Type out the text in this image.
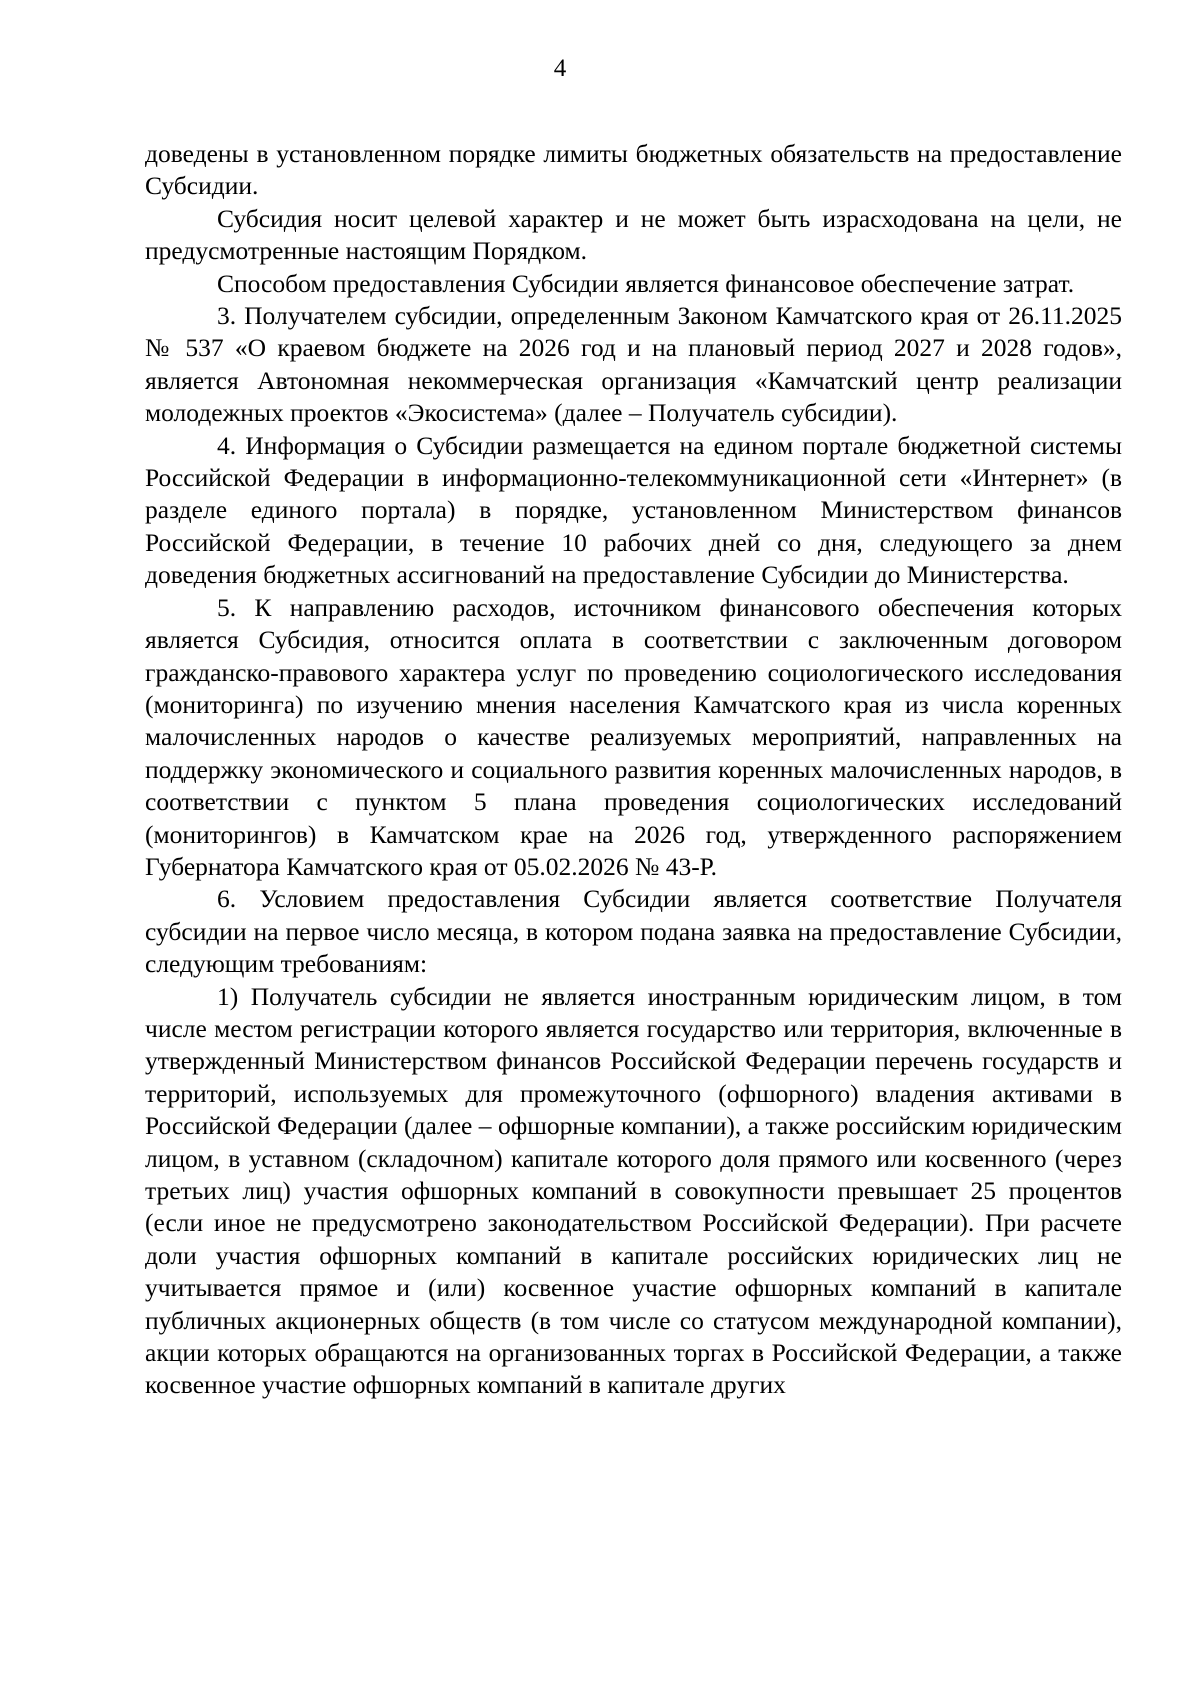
4

доведены в установленном порядке лимиты бюджетных обязательств на предоставление Субсидии.

Субсидия носит целевой характер и не может быть израсходована на цели, не предусмотренные настоящим Порядком.

Способом предоставления Субсидии является финансовое обеспечение затрат.

3. Получателем субсидии, определенным Законом Камчатского края от 26.11.2025 № 537 «О краевом бюджете на 2026 год и на плановый период 2027 и 2028 годов», является Автономная некоммерческая организация «Камчатский центр реализации молодежных проектов «Экосистема» (далее – Получатель субсидии).

4. Информация о Субсидии размещается на едином портале бюджетной системы Российской Федерации в информационно-телекоммуникационной сети «Интернет» (в разделе единого портала) в порядке, установленном Министерством финансов Российской Федерации, в течение 10 рабочих дней со дня, следующего за днем доведения бюджетных ассигнований на предоставление Субсидии до Министерства.

5. К направлению расходов, источником финансового обеспечения которых является Субсидия, относится оплата в соответствии с заключенным договором гражданско-правового характера услуг по проведению социологического исследования (мониторинга) по изучению мнения населения Камчатского края из числа коренных малочисленных народов о качестве реализуемых мероприятий, направленных на поддержку экономического и социального развития коренных малочисленных народов, в соответствии с пунктом 5 плана проведения социологических исследований (мониторингов) в Камчатском крае на 2026 год, утвержденного распоряжением Губернатора Камчатского края от 05.02.2026 № 43-Р.

6. Условием предоставления Субсидии является соответствие Получателя субсидии на первое число месяца, в котором подана заявка на предоставление Субсидии, следующим требованиям:

1) Получатель субсидии не является иностранным юридическим лицом, в том числе местом регистрации которого является государство или территория, включенные в утвержденный Министерством финансов Российской Федерации перечень государств и территорий, используемых для промежуточного (офшорного) владения активами в Российской Федерации (далее – офшорные компании), а также российским юридическим лицом, в уставном (складочном) капитале которого доля прямого или косвенного (через третьих лиц) участия офшорных компаний в совокупности превышает 25 процентов (если иное не предусмотрено законодательством Российской Федерации). При расчете доли участия офшорных компаний в капитале российских юридических лиц не учитывается прямое и (или) косвенное участие офшорных компаний в капитале публичных акционерных обществ (в том числе со статусом международной компании), акции которых обращаются на организованных торгах в Российской Федерации, а также косвенное участие офшорных компаний в капитале других
